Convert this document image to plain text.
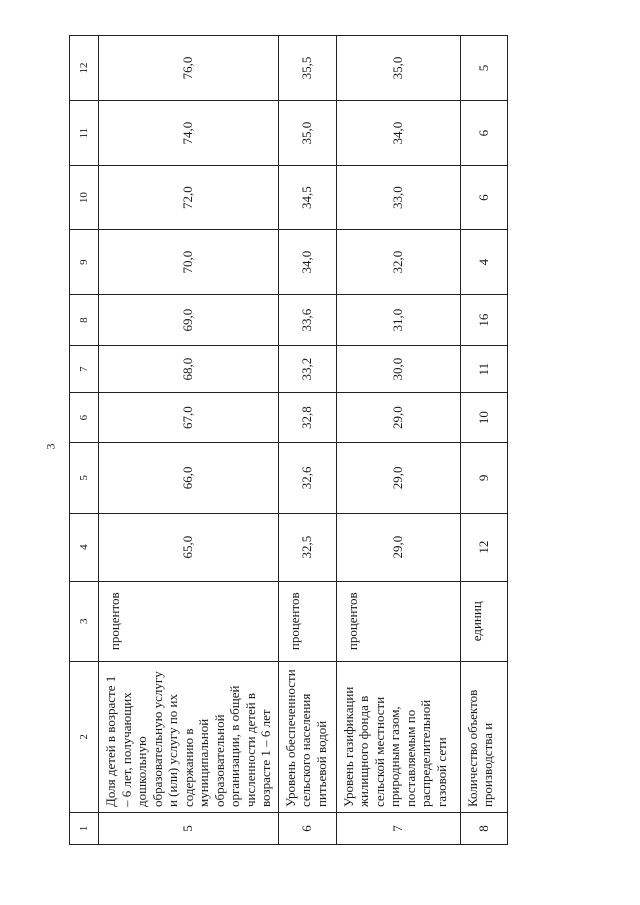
3
1	2	3	4	5	6	7	8	9	10	11	12
5	Доля детей в возрасте 1 – 6 лет, получающих дошкольную образовательную услугу и (или) услугу по их содержанию в муниципальной образовательной организации, в общей численности детей в возрасте 1 – 6 лет	процентов	65,0	66,0	67,0	68,0	69,0	70,0	72,0	74,0	76,0
6	Уровень обеспеченности сельского населения питьевой водой	процентов	32,5	32,6	32,8	33,2	33,6	34,0	34,5	35,0	35,5
7	Уровень газификации жилищного фонда в сельской местности природным газом, поставляемым по распределительной газовой сети	процентов	29,0	29,0	29,0	30,0	31,0	32,0	33,0	34,0	35,0
8	Количество объектов производства и	единиц	12	9	10	11	16	4	6	6	5
